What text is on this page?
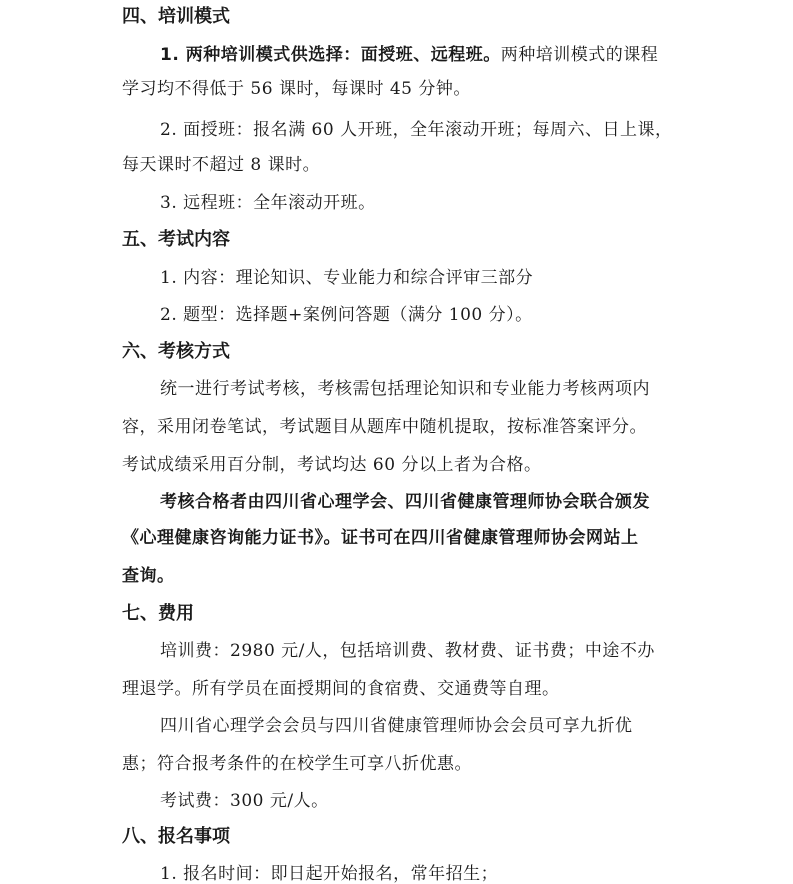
四、培训模式
1. 两种培训模式供选择：面授班、远程班。两种培训模式的课程
学习均不得低于 56 课时，每课时 45 分钟。
2. 面授班：报名满 60 人开班，全年滚动开班；每周六、日上课，
每天课时不超过 8 课时。
3. 远程班：全年滚动开班。
五、考试内容
1. 内容：理论知识、专业能力和综合评审三部分
2. 题型：选择题+案例问答题（满分 100 分）。
六、考核方式
统一进行考试考核，考核需包括理论知识和专业能力考核两项内
容，采用闭卷笔试，考试题目从题库中随机提取，按标准答案评分。
考试成绩采用百分制，考试均达 60 分以上者为合格。
考核合格者由四川省心理学会、四川省健康管理师协会联合颁发
《心理健康咨询能力证书》。证书可在四川省健康管理师协会网站上
查询。
七、费用
培训费：2980 元/人，包括培训费、教材费、证书费；中途不办
理退学。所有学员在面授期间的食宿费、交通费等自理。
四川省心理学会会员与四川省健康管理师协会会员可享九折优
惠；符合报考条件的在校学生可享八折优惠。
考试费：300 元/人。
八、报名事项
1. 报名时间：即日起开始报名，常年招生；
